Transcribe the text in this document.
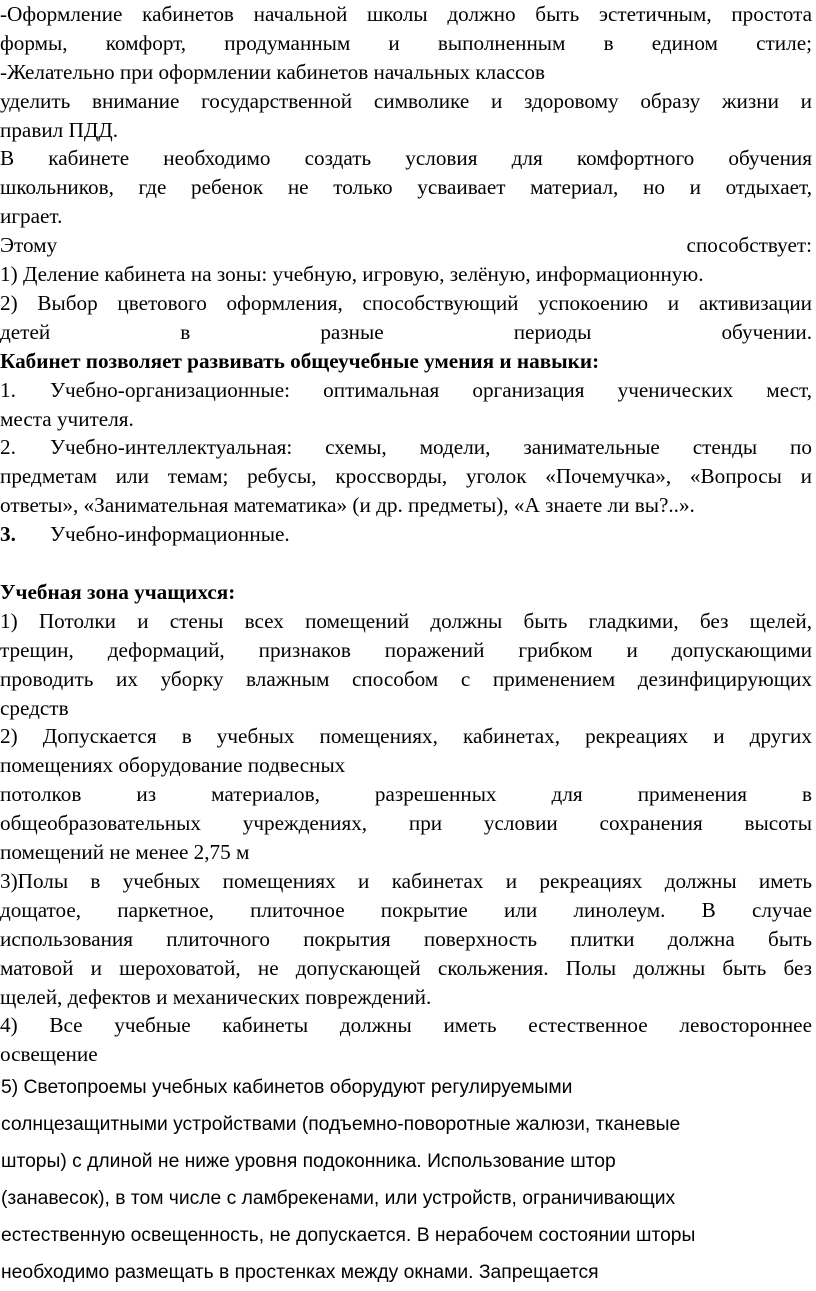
-Оформление кабинетов начальной школы должно быть эстетичным, простота
формы, комфорт, продуманным и выполненным в едином стиле;
-Желательно при оформлении кабинетов начальных классов
уделить внимание государственной символике и здоровому образу жизни и
правил ПДД.
В кабинете необходимо создать условия для комфортного обучения
школьников, где ребенок не только усваивает материал, но и отдыхает,
играет.
Этому	способствует:
1) Деление кабинета на зоны: учебную, игровую, зелёную, информационную.
2) Выбор цветового оформления, способствующий успокоению и активизации
детей в разные периоды обучении.
Кабинет позволяет развивать общеучебные умения и навыки:
1.	Учебно-организационные: оптимальная организация ученических мест,
места учителя.
2.	Учебно-интеллектуальная: схемы, модели, занимательные стенды по
предметам или темам; ребусы, кроссворды, уголок «Почемучка», «Вопросы и
ответы», «Занимательная математика» (и др. предметы), «А знаете ли вы?..».
3.	Учебно-информационные.
Учебная зона учащихся:
1) Потолки и стены всех помещений должны быть гладкими, без щелей,
трещин, деформаций, признаков поражений грибком и допускающими
проводить их уборку влажным способом с применением дезинфицирующих
средств
2) Допускается в учебных помещениях, кабинетах, рекреациях и других
помещениях оборудование подвесных
потолков из материалов, разрешенных для применения в
общеобразовательных учреждениях, при условии сохранения высоты
помещений не менее 2,75 м
3)Полы в учебных помещениях и кабинетах и рекреациях должны иметь
дощатое, паркетное, плиточное покрытие или линолеум. В случае
использования плиточного покрытия поверхность плитки должна быть
матовой и шероховатой, не допускающей скольжения. Полы должны быть без
щелей, дефектов и механических повреждений.
4) Все учебные кабинеты должны иметь естественное левостороннее
освещение
5) Светопроемы учебных кабинетов оборудуют регулируемыми
солнцезащитными устройствами (подъемно-поворотные жалюзи, тканевые
шторы) с длиной не ниже уровня подоконника. Использование штор
(занавесок), в том числе с ламбрекенами, или устройств, ограничивающих
естественную освещенность, не допускается. В нерабочем состоянии шторы
необходимо размещать в простенках между окнами. Запрещается
